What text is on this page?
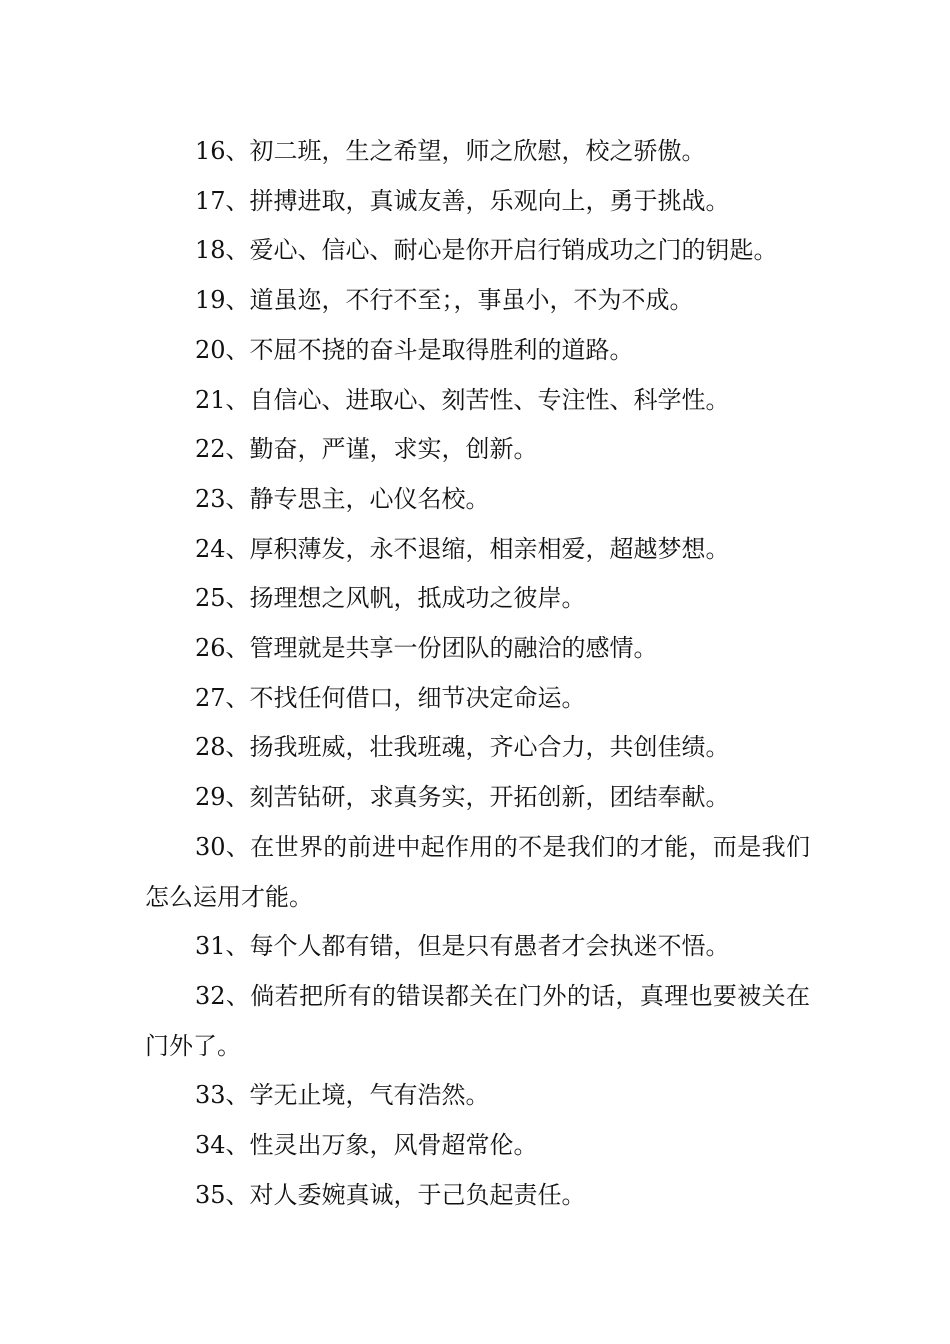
16、初二班，生之希望，师之欣慰，校之骄傲。

17、拼搏进取，真诚友善，乐观向上，勇于挑战。

18、爱心、信心、耐心是你开启行销成功之门的钥匙。

19、道虽迩，不行不至；，事虽小，不为不成。

20、不屈不挠的奋斗是取得胜利的道路。

21、自信心、进取心、刻苦性、专注性、科学性。

22、勤奋，严谨，求实，创新。

23、静专思主，心仪名校。

24、厚积薄发，永不退缩，相亲相爱，超越梦想。

25、扬理想之风帆，抵成功之彼岸。

26、管理就是共享一份团队的融洽的感情。

27、不找任何借口，细节决定命运。

28、扬我班威，壮我班魂，齐心合力，共创佳绩。

29、刻苦钻研，求真务实，开拓创新，团结奉献。

30、在世界的前进中起作用的不是我们的才能，而是我们怎么运用才能。

31、每个人都有错，但是只有愚者才会执迷不悟。

32、倘若把所有的错误都关在门外的话，真理也要被关在门外了。

33、学无止境，气有浩然。

34、性灵出万象，风骨超常伦。

35、对人委婉真诚，于己负起责任。
